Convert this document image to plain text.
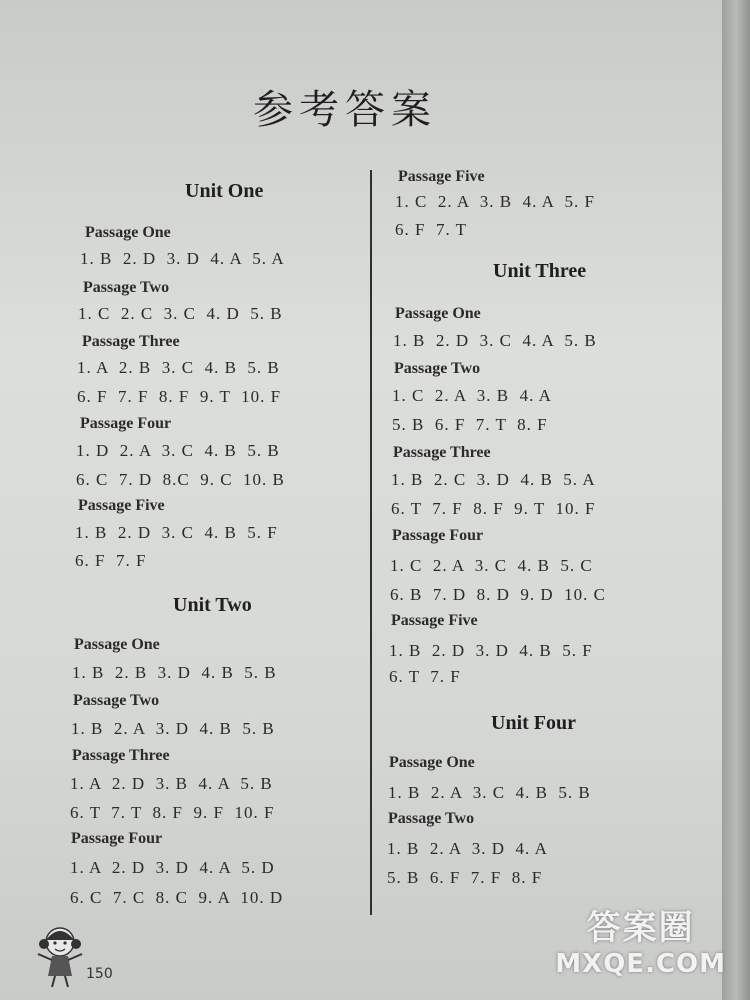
参考答案
Unit One
Passage One
1. B  2. D  3. D  4. A  5. A
Passage Two
1. C  2. C  3. C  4. D  5. B
Passage Three
1. A  2. B  3. C  4. B  5. B
6. F  7. F  8. F  9. T  10. F
Passage Four
1. D  2. A  3. C  4. B  5. B
6. C  7. D  8.C  9. C  10. B
Passage Five
1. B  2. D  3. C  4. B  5. F
6. F  7. F
Unit Two
Passage One
1. B  2. B  3. D  4. B  5. B
Passage Two
1. B  2. A  3. D  4. B  5. B
Passage Three
1. A  2. D  3. B  4. A  5. B
6. T  7. T  8. F  9. F  10. F
Passage Four
1. A  2. D  3. D  4. A  5. D
6. C  7. C  8. C  9. A  10. D
Passage Five
1. C  2. A  3. B  4. A  5. F
6. F  7. T
Unit Three
Passage One
1. B  2. D  3. C  4. A  5. B
Passage Two
1. C  2. A  3. B  4. A
5. B  6. F  7. T  8. F
Passage Three
1. B  2. C  3. D  4. B  5. A
6. T  7. F  8. F  9. T  10. F
Passage Four
1. C  2. A  3. C  4. B  5. C
6. B  7. D  8. D  9. D  10. C
Passage Five
1. B  2. D  3. D  4. B  5. F
6. T  7. F
Unit Four
Passage One
1. B  2. A  3. C  4. B  5. B
Passage Two
1. B  2. A  3. D  4. A
5. B  6. F  7. F  8. F
150
答案圈
MXQE.COM
